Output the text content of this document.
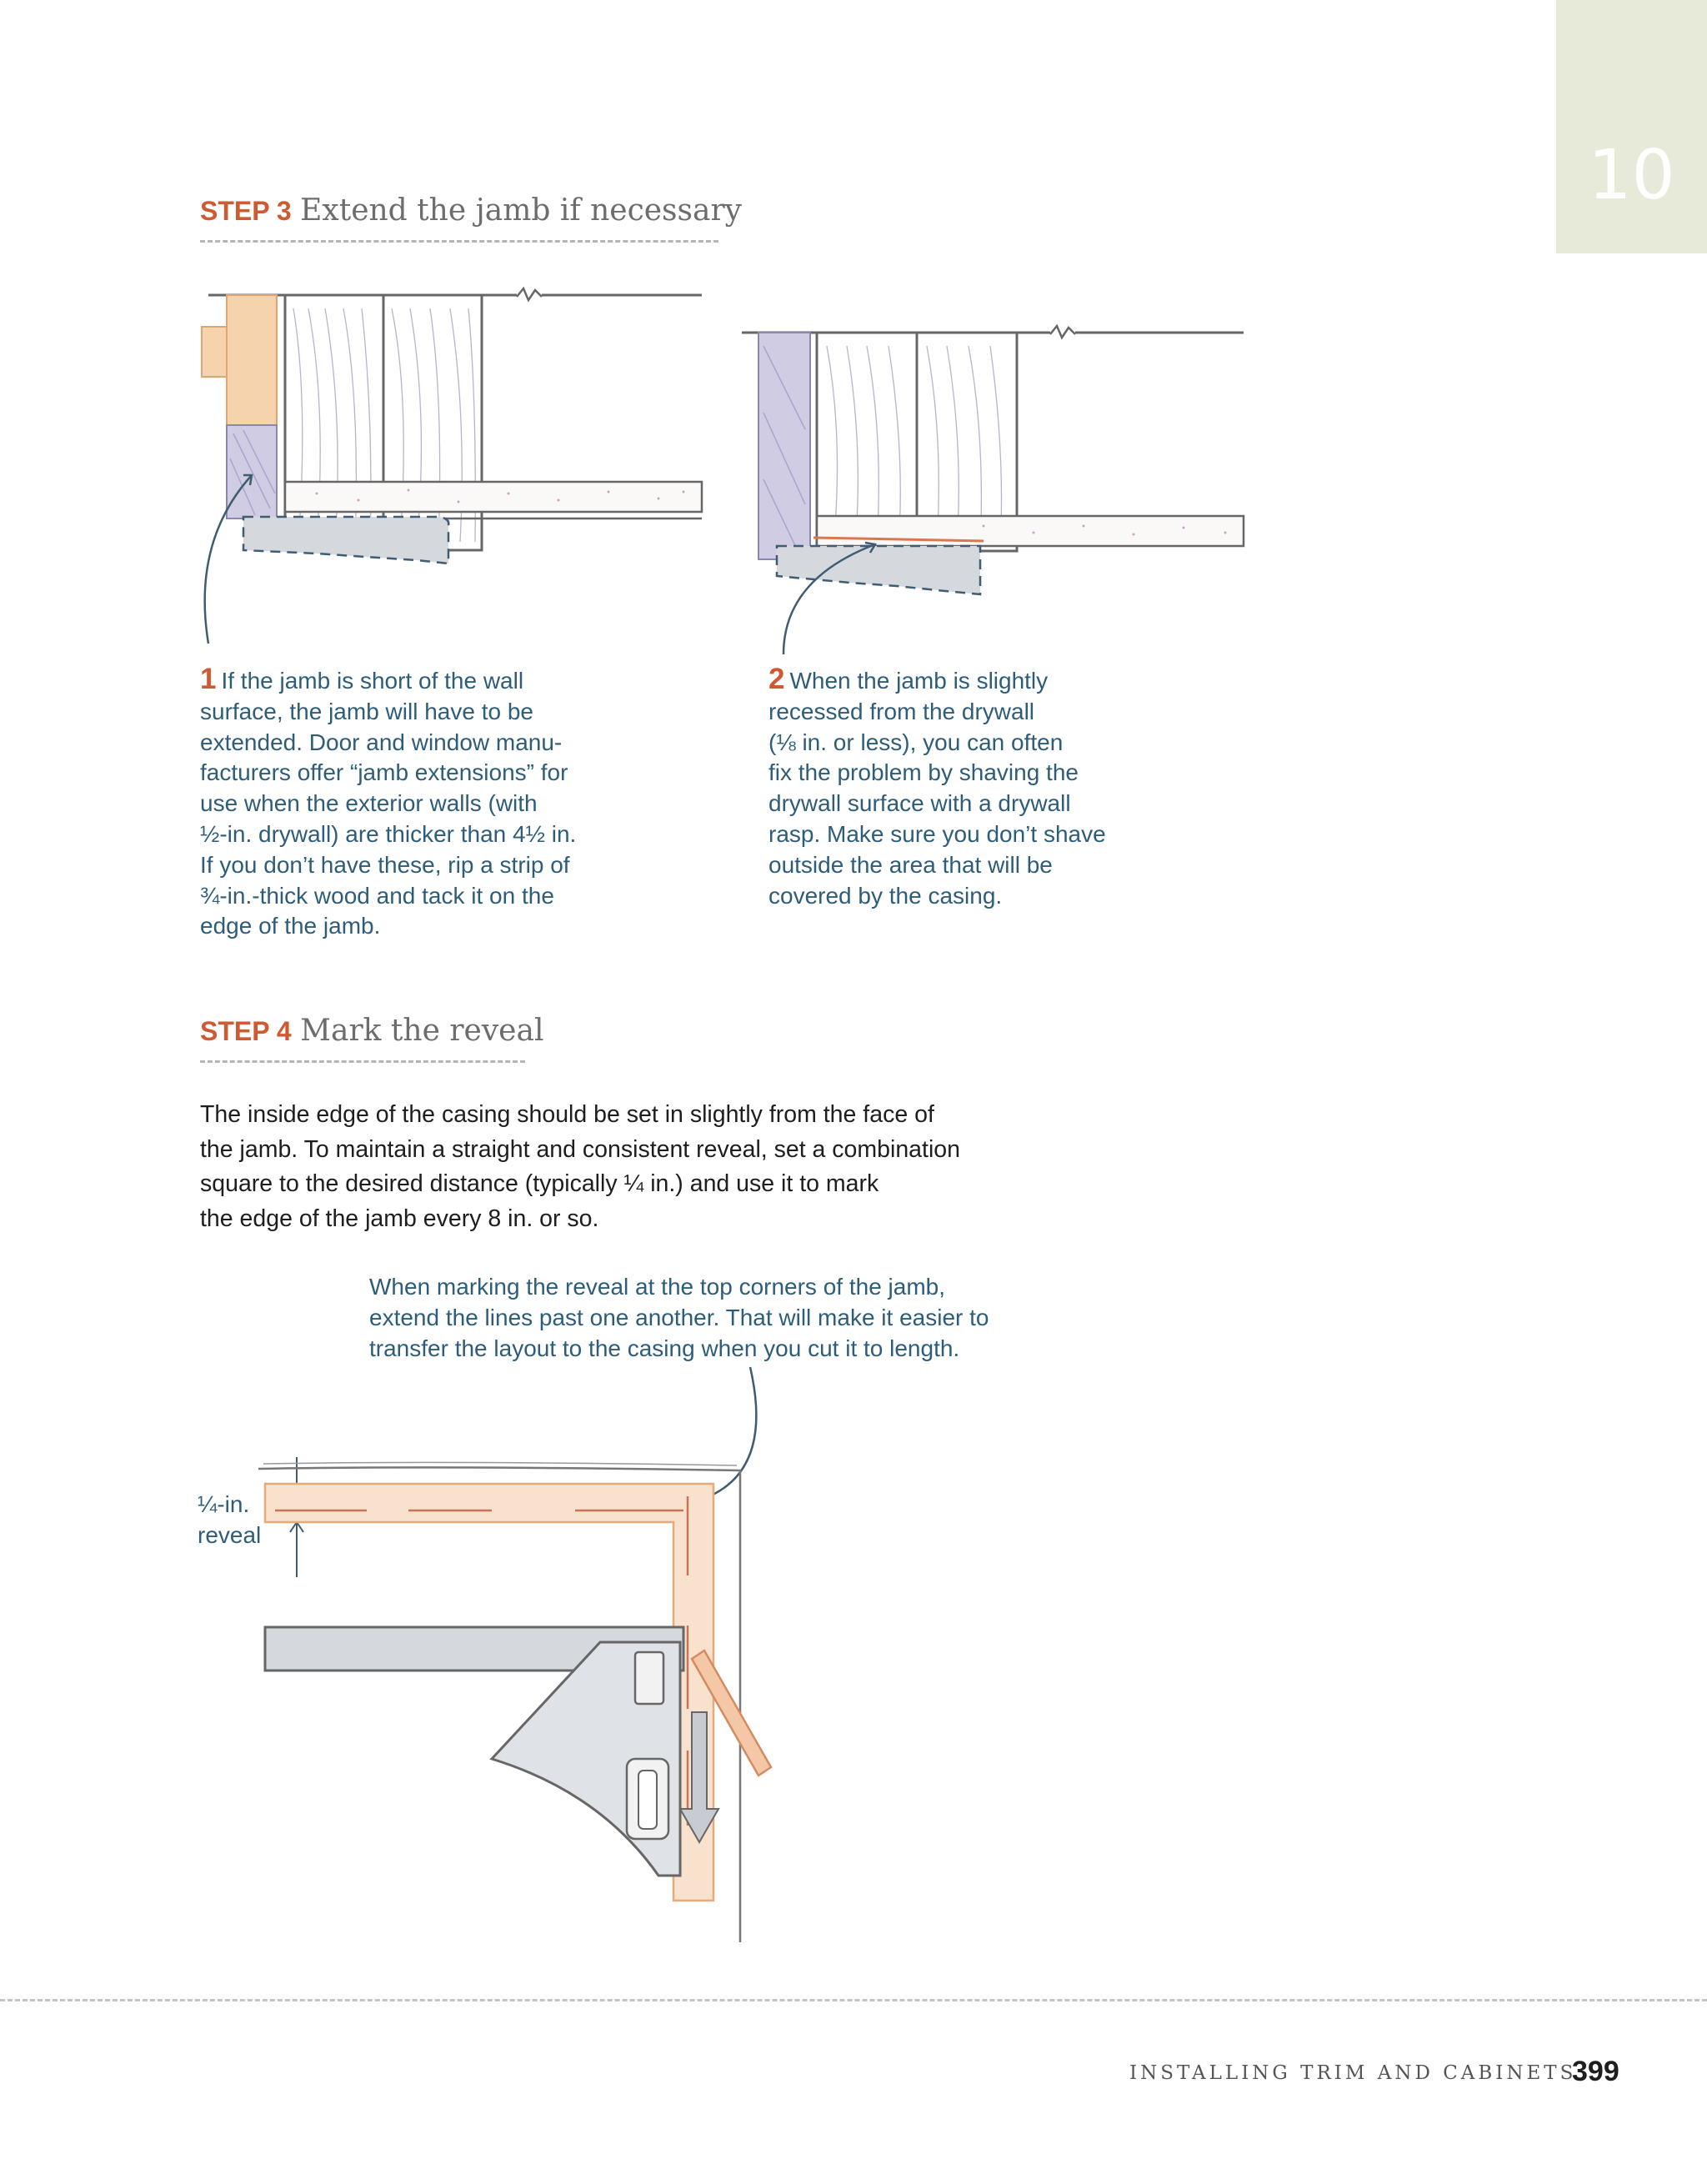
10
STEP 3 Extend the jamb if necessary
1 If the jamb is short of the wall
surface, the jamb will have to be
extended. Door and window manu-
facturers offer “jamb extensions” for
use when the exterior walls (with
½-in. drywall) are thicker than 4½ in.
If you don’t have these, rip a strip of
¾-in.-thick wood and tack it on the
edge of the jamb.
2 When the jamb is slightly
recessed from the drywall
(⅛ in. or less), you can often
fix the problem by shaving the
drywall surface with a drywall
rasp. Make sure you don’t shave
outside the area that will be
covered by the casing.
STEP 4 Mark the reveal
The inside edge of the casing should be set in slightly from the face of
the jamb. To maintain a straight and consistent reveal, set a combination
square to the desired distance (typically ¼ in.) and use it to mark
the edge of the jamb every 8 in. or so.
When marking the reveal at the top corners of the jamb,
extend the lines past one another. That will make it easier to
transfer the layout to the casing when you cut it to length.
¼-in.
reveal
INSTALLING TRIM AND CABINETS
399
